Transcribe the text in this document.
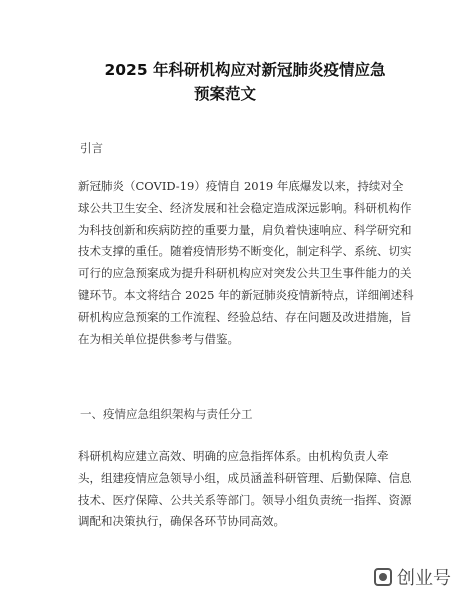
2025 年科研机构应对新冠肺炎疫情应急
预案范文
引言
新冠肺炎（COVID-19）疫情自 2019 年底爆发以来，持续对全
球公共卫生安全、经济发展和社会稳定造成深远影响。科研机构作
为科技创新和疾病防控的重要力量，肩负着快速响应、科学研究和
技术支撑的重任。随着疫情形势不断变化，制定科学、系统、切实
可行的应急预案成为提升科研机构应对突发公共卫生事件能力的关
键环节。本文将结合 2025 年的新冠肺炎疫情新特点，详细阐述科
研机构应急预案的工作流程、经验总结、存在问题及改进措施，旨
在为相关单位提供参考与借鉴。
一、疫情应急组织架构与责任分工
科研机构应建立高效、明确的应急指挥体系。由机构负责人牵
头，组建疫情应急领导小组，成员涵盖科研管理、后勤保障、信息
技术、医疗保障、公共关系等部门。领导小组负责统一指挥、资源
调配和决策执行，确保各环节协同高效。
创业号
